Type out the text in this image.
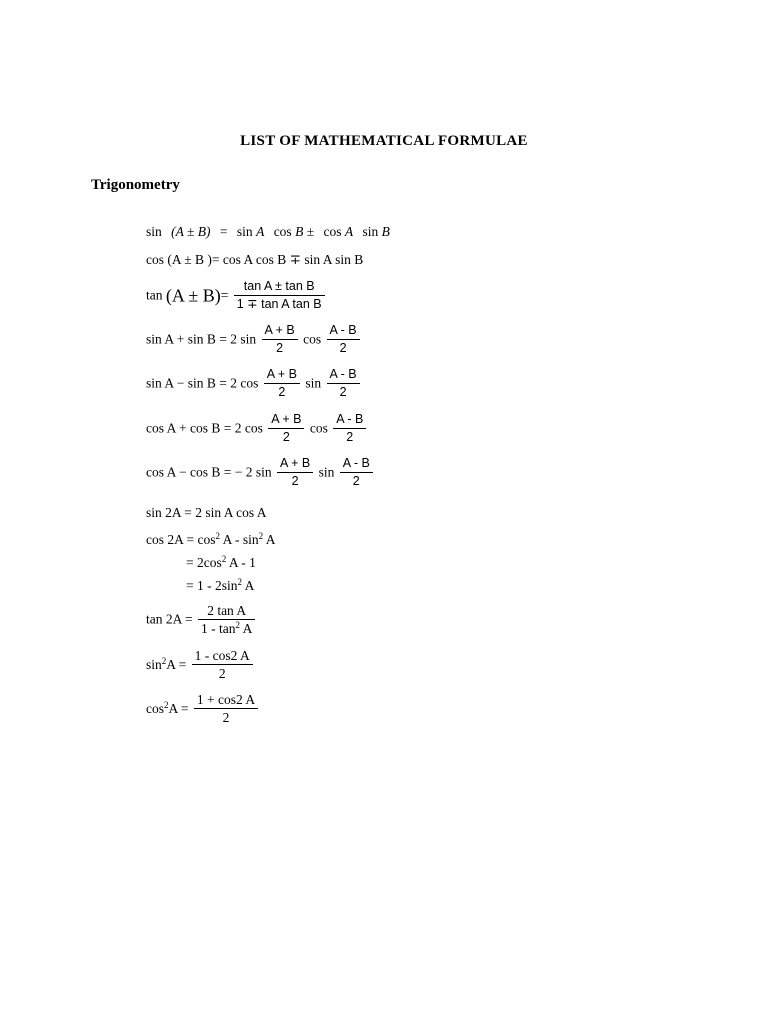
LIST OF MATHEMATICAL FORMULAE
Trigonometry
sin (A ± B) = sin A cos B ± cos A sin B
cos (A ± B )= cos A cos B ∓ sin A sin B
$\tan (A \pm B)= \frac{\text{tan A ± tan B}}{\text{1 ∓ tan A tan B}}$
sin A + sin B = 2 $\sin \frac{A + B}{2}$ $\cos \frac{A - B}{2}$
sin A − sin B = 2 $\cos \frac{A + B}{2}$ $\sin \frac{A - B}{2}$
cos A + cos B = 2 $\cos \frac{A + B}{2}$ $\cos \frac{A - B}{2}$
cos A − cos B = − 2 $\sin \frac{A + B}{2}$ $\sin \frac{A - B}{2}$
sin 2A = 2 sin A cos A
$\cos 2A = \cos^2 A - \sin^2 A$
= $2\cos^2$ A - 1
= $1 - 2\sin^2$ A
$\tan 2A = \frac{\text{2 tan A}}{1 - \tan^2 A}$
$\sin^2A = \frac{1 - \cos 2 A}{2}$
$\cos^2A = \frac{1 + \cos 2 A}{2}$
